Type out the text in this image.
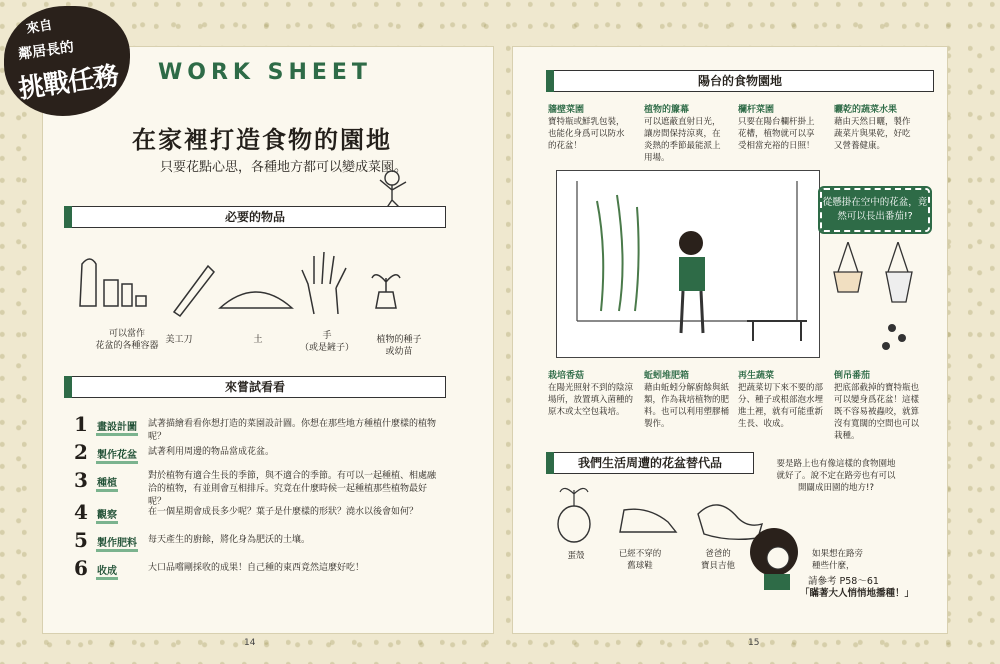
來自
鄰居長的
挑戰任務 WORK SHEET
在家裡打造食物的園地
只要花點心思，各種地方都可以變成菜園。
必要的物品
可以當作
花盆的各種容器
美工刀	土	手
（或是鏟子）
植物的種子
或幼苗
來嘗試看看
1 畫設計圖 試著描繪看看你想打造的菜園設計圖。你想在那些地方種植什麼樣的植物呢？
2 製作花盆 試著利用周邊的物品當成花盆。
3 種植
對於植物有適合生長的季節，與不適合的季節。有可以一起種植、相處融洽的植物，有並則會互相排斥。究竟在什麼時候一起種植那些植物最好呢？
4 觀察	在一個星期會成長多少呢？葉子是什麼樣的形狀？澆水以後會如何？
5 製作肥料 每天產生的廚餘，將化身為肥沃的土壤。
6 收成	大口品嚐剛採收的成果！自己種的東西竟然這麼好吃！
14
陽台的食物園地
牆壁菜園
寶特瓶或鮮乳包裝，也能化身爲可以防水的花盆！
植物的簾幕
可以遮蔽直射日光，讓房間保持涼爽，在炎熱的季節最能派上用場。
欄杆菜園
只要在陽台欄杆掛上花槽，植物就可以享受相當充裕的日照！
曬乾的蔬菜水果
藉由天然日曬，製作蔬菜片與果乾，好吃又營養健康。
從懸掛在空中的花盆，竟然可以長出番茄!?
栽培香菇
在陽光照射不到的陰涼場所，放置填入菌種的原木或太空包栽培。
蚯蚓堆肥箱
藉由蚯蚓分解廚餘與紙類，作為栽培植物的肥料。也可以利用塑膠桶製作。
再生蔬菜
把蔬菜切下來不要的部分、種子或根部泡水埋進土裡，就有可能重新生長、收成。
倒吊番茄
把底部截掉的寶特瓶也可以變身爲花盆！這樣既不容易被蟲咬，就算沒有寬闊的空間也可以栽種。
我們生活周遭的花盆替代品
蛋殼	已經不穿的
舊球鞋
爸爸的
寶貝吉他
要是路上也有像這樣的食物園地就好了。說不定在路旁也有可以開闢成田園的地方!?
如果想在路旁
種些什麼，
請參考 P58～61
「瞞著大人悄悄地播種！」
15
